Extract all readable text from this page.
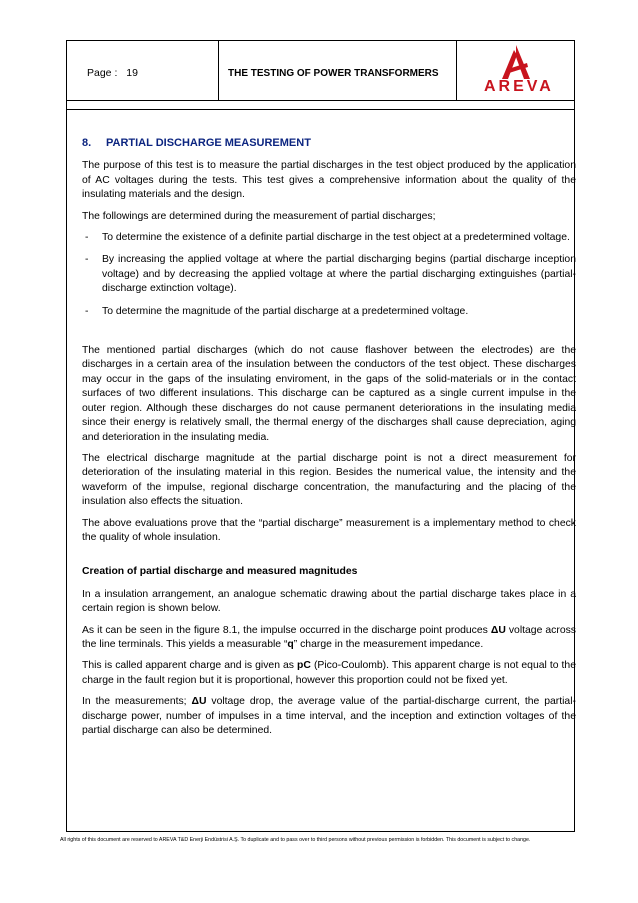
Page : 19	THE TESTING OF POWER TRANSFORMERS
AREVA
8. PARTIAL DISCHARGE MEASUREMENT

The purpose of this test is to measure the partial discharges in the test object produced by the application of AC voltages during the tests. This test gives a comprehensive information about the quality of the insulating materials and the design.

The followings are determined during the measurement of partial discharges;

- To determine the existence of a definite partial discharge in the test object at a predetermined voltage.
- By increasing the applied voltage at where the partial discharging begins (partial discharge inception voltage) and by decreasing the applied voltage at where the partial discharging extinguishes (partial-discharge extinction voltage).
- To determine the magnitude of the partial discharge at a predetermined voltage.

The mentioned partial discharges (which do not cause flashover between the electrodes) are the discharges in a certain area of the insulation between the conductors of the test object. These discharges may occur in the gaps of the insulating enviroment, in the gaps of the solid-materials or in the contact surfaces of two different insulations. This discharge can be captured as a single current impulse in the outer region. Although these discharges do not cause permanent deteriorations in the insulating media since their energy is relatively small, the thermal energy of the discharges shall cause depreciation, aging and deterioration in the insulating media.

The electrical discharge magnitude at the partial discharge point is not a direct measurement for deterioration of the insulating material in this region. Besides the numerical value, the intensity and the waveform of the impulse, regional discharge concentration, the manufacturing and the placing of the insulation also effects the situation.

The above evaluations prove that the “partial discharge” measurement is a implementary method to check the quality of whole insulation.

Creation of partial discharge and measured magnitudes

In a insulation arrangement, an analogue schematic drawing about the partial discharge takes place in a certain region is shown below.

As it can be seen in the figure 8.1, the impulse occurred in the discharge point produces ΔU voltage across the line terminals. This yields a measurable “q” charge in the measurement impedance.

This is called apparent charge and is given as pC (Pico-Coulomb). This apparent charge is not equal to the charge in the fault region but it is proportional, however this proportion could not be fixed yet.

In the measurements; ΔU voltage drop, the average value of the partial-discharge current, the partial-discharge power, number of impulses in a time interval, and the inception and extinction voltages of the partial discharge can also be determined.

All rights of this document are reserved to AREVA T&D Enerji Endüstrisi A.Ş. To duplicate and to pass over to third persons without previous permission is forbidden. This document is subject to change.
